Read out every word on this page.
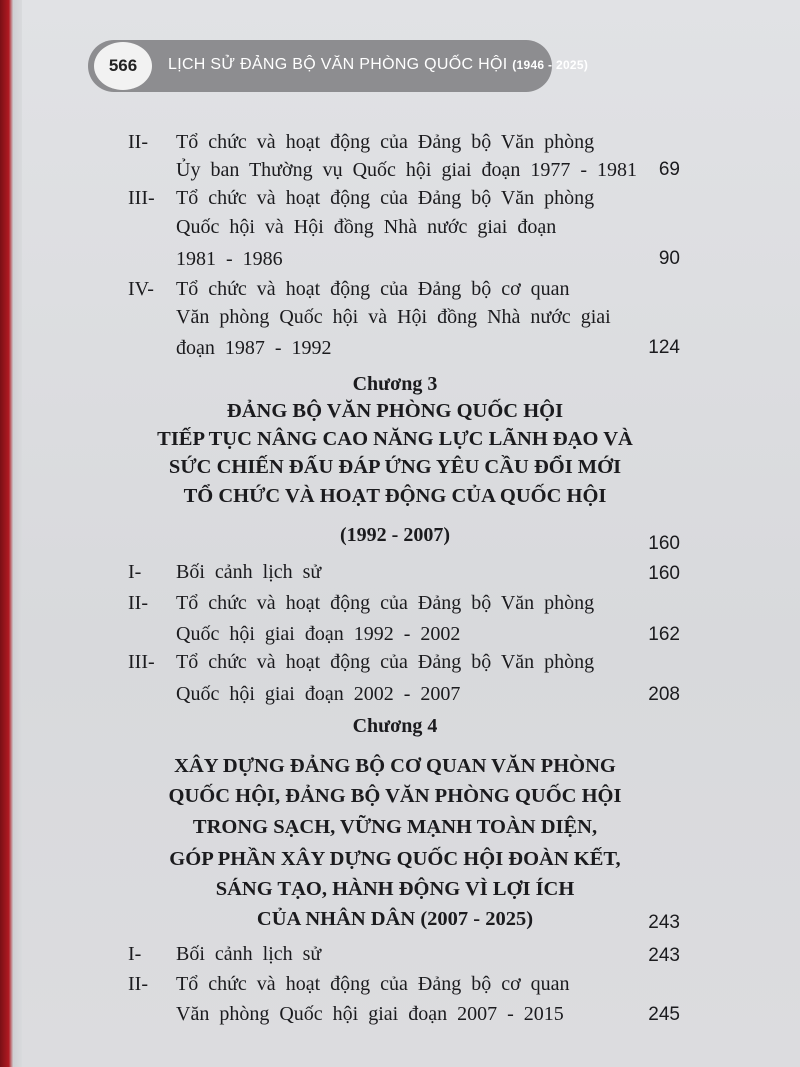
566	LỊCH SỬ ĐẢNG BỘ VĂN PHÒNG QUỐC HỘI (1946 - 2025)
II- Tổ chức và hoạt động của Đảng bộ Văn phòng
Ủy ban Thường vụ Quốc hội giai đoạn 1977 - 1981 69
III- Tổ chức và hoạt động của Đảng bộ Văn phòng
Quốc hội và Hội đồng Nhà nước giai đoạn
1981 - 1986	90
IV- Tổ chức và hoạt động của Đảng bộ cơ quan
Văn phòng Quốc hội và Hội đồng Nhà nước giai
đoạn 1987 - 1992	124
Chương 3
ĐẢNG BỘ VĂN PHÒNG QUỐC HỘI
TIẾP TỤC NÂNG CAO NĂNG LỰC LÃNH ĐẠO VÀ
SỨC CHIẾN ĐẤU ĐÁP ỨNG YÊU CẦU ĐỔI MỚI
TỔ CHỨC VÀ HOẠT ĐỘNG CỦA QUỐC HỘI
(1992 - 2007)	160
I- Bối cảnh lịch sử	160
II- Tổ chức và hoạt động của Đảng bộ Văn phòng
Quốc hội giai đoạn 1992 - 2002	162
III- Tổ chức và hoạt động của Đảng bộ Văn phòng
Quốc hội giai đoạn 2002 - 2007	208
Chương 4
XÂY DỰNG ĐẢNG BỘ CƠ QUAN VĂN PHÒNG
QUỐC HỘI, ĐẢNG BỘ VĂN PHÒNG QUỐC HỘI
TRONG SẠCH, VỮNG MẠNH TOÀN DIỆN,
GÓP PHẦN XÂY DỰNG QUỐC HỘI ĐOÀN KẾT,
SÁNG TẠO, HÀNH ĐỘNG VÌ LỢI ÍCH
CỦA NHÂN DÂN (2007 - 2025)	243
I- Bối cảnh lịch sử	243
II- Tổ chức và hoạt động của Đảng bộ cơ quan
Văn phòng Quốc hội giai đoạn 2007 - 2015	245
